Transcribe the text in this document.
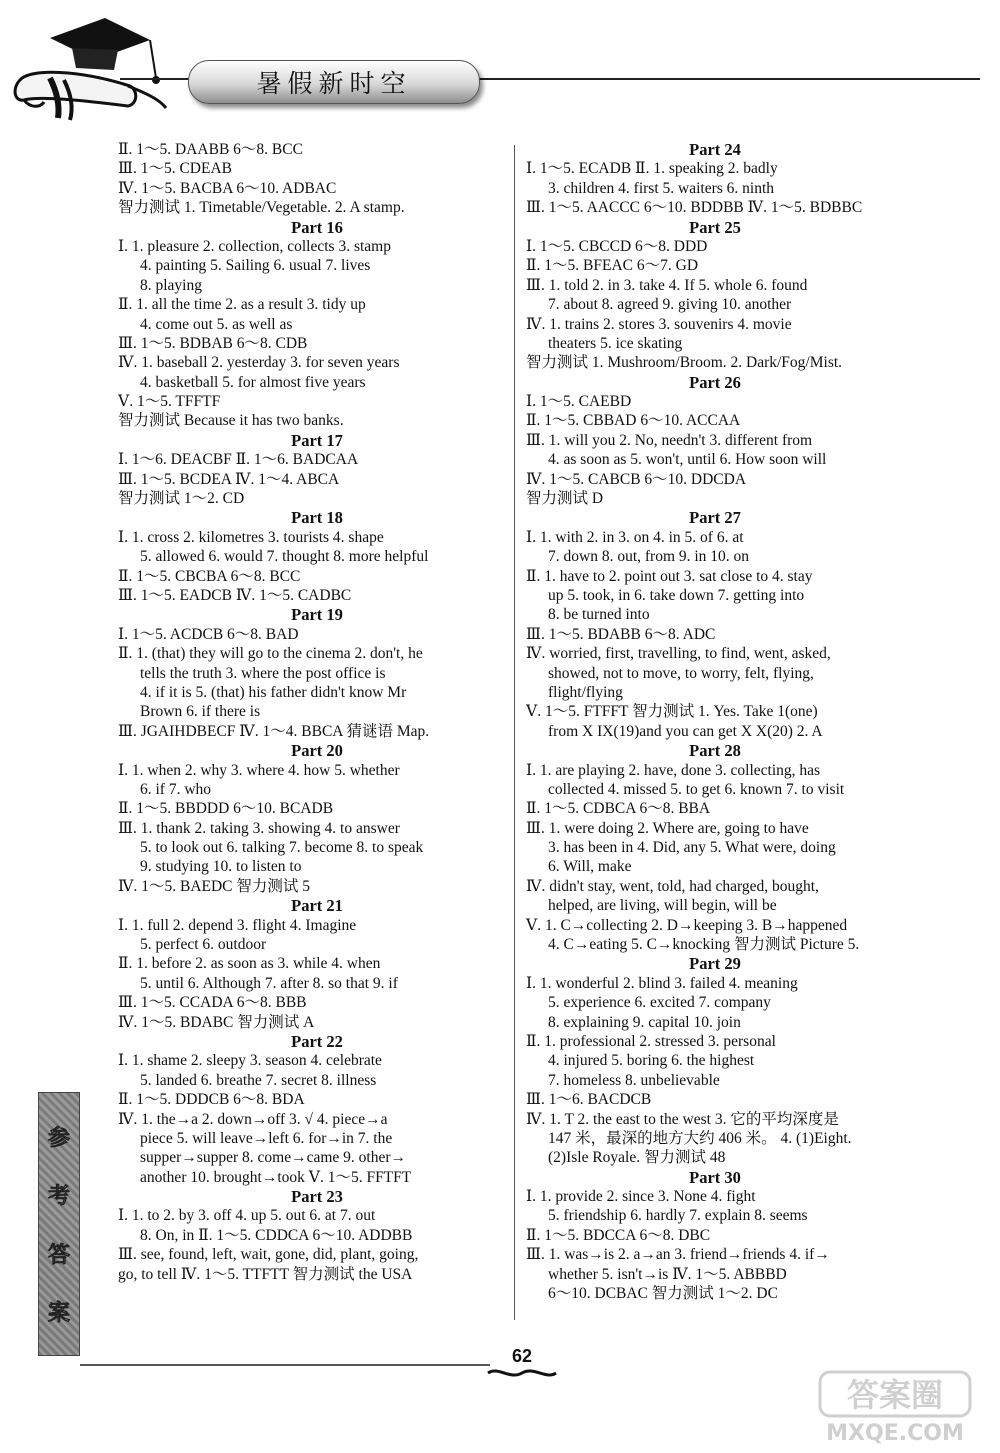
暑假新时空
Ⅱ. 1～5. DAABB 6～8. BCC
Ⅲ. 1～5. CDEAB
Ⅳ. 1～5. BACBA 6～10. ADBAC
智力测试 1. Timetable/Vegetable. 2. A stamp.
Part 16
Ⅰ. 1. pleasure 2. collection, collects 3. stamp
4. painting 5. Sailing 6. usual 7. lives
8. playing
Ⅱ. 1. all the time 2. as a result 3. tidy up
4. come out 5. as well as
Ⅲ. 1～5. BDBAB 6～8. CDB
Ⅳ. 1. baseball 2. yesterday 3. for seven years
4. basketball 5. for almost five years
Ⅴ. 1～5. TFFTF
智力测试 Because it has two banks.
Part 17
Ⅰ. 1～6. DEACBF Ⅱ. 1～6. BADCAA
Ⅲ. 1～5. BCDEA Ⅳ. 1～4. ABCA
智力测试 1～2. CD
Part 18
Ⅰ. 1. cross 2. kilometres 3. tourists 4. shape
5. allowed 6. would 7. thought 8. more helpful
Ⅱ. 1～5. CBCBA 6～8. BCC
Ⅲ. 1～5. EADCB Ⅳ. 1～5. CADBC
Part 19
Ⅰ. 1～5. ACDCB 6～8. BAD
Ⅱ. 1. (that) they will go to the cinema 2. don't, he
tells the truth 3. where the post office is
4. if it is 5. (that) his father didn't know Mr
Brown 6. if there is
Ⅲ. JGAIHDBECF Ⅳ. 1～4. BBCA 猜谜语 Map.
Part 20
Ⅰ. 1. when 2. why 3. where 4. how 5. whether
6. if 7. who
Ⅱ. 1～5. BBDDD 6～10. BCADB
Ⅲ. 1. thank 2. taking 3. showing 4. to answer
5. to look out 6. talking 7. become 8. to speak
9. studying 10. to listen to
Ⅳ. 1～5. BAEDC 智力测试 5
Part 21
Ⅰ. 1. full 2. depend 3. flight 4. Imagine
5. perfect 6. outdoor
Ⅱ. 1. before 2. as soon as 3. while 4. when
5. until 6. Although 7. after 8. so that 9. if
Ⅲ. 1～5. CCADA 6～8. BBB
Ⅳ. 1～5. BDABC 智力测试 A
Part 22
Ⅰ. 1. shame 2. sleepy 3. season 4. celebrate
5. landed 6. breathe 7. secret 8. illness
Ⅱ. 1～5. DDDCB 6～8. BDA
Ⅳ. 1. the→a 2. down→off 3. √ 4. piece→a
piece 5. will leave→left 6. for→in 7. the
supper→supper 8. come→came 9. other→
another 10. brought→took Ⅴ. 1～5. FFTFT
Part 23
Ⅰ. 1. to 2. by 3. off 4. up 5. out 6. at 7. out
8. On, in Ⅱ. 1～5. CDDCA 6～10. ADDBB
Ⅲ. see, found, left, wait, gone, did, plant, going,
go, to tell Ⅳ. 1～5. TTFTT 智力测试 the USA
Part 24
Ⅰ. 1～5. ECADB Ⅱ. 1. speaking 2. badly
3. children 4. first 5. waiters 6. ninth
Ⅲ. 1～5. AACCC 6～10. BDDBB Ⅳ. 1～5. BDBBC
Part 25
Ⅰ. 1～5. CBCCD 6～8. DDD
Ⅱ. 1～5. BFEAC 6～7. GD
Ⅲ. 1. told 2. in 3. take 4. If 5. whole 6. found
7. about 8. agreed 9. giving 10. another
Ⅳ. 1. trains 2. stores 3. souvenirs 4. movie
theaters 5. ice skating
智力测试 1. Mushroom/Broom. 2. Dark/Fog/Mist.
Part 26
Ⅰ. 1～5. CAEBD
Ⅱ. 1～5. CBBAD 6～10. ACCAA
Ⅲ. 1. will you 2. No, needn't 3. different from
4. as soon as 5. won't, until 6. How soon will
Ⅳ. 1～5. CABCB 6～10. DDCDA
智力测试 D
Part 27
Ⅰ. 1. with 2. in 3. on 4. in 5. of 6. at
7. down 8. out, from 9. in 10. on
Ⅱ. 1. have to 2. point out 3. sat close to 4. stay
up 5. took, in 6. take down 7. getting into
8. be turned into
Ⅲ. 1～5. BDABB 6～8. ADC
Ⅳ. worried, first, travelling, to find, went, asked,
showed, not to move, to worry, felt, flying,
flight/flying
Ⅴ. 1～5. FTFFT 智力测试 1. Yes. Take 1(one)
from X IX(19)and you can get X X(20) 2. A
Part 28
Ⅰ. 1. are playing 2. have, done 3. collecting, has
collected 4. missed 5. to get 6. known 7. to visit
Ⅱ. 1～5. CDBCA 6～8. BBA
Ⅲ. 1. were doing 2. Where are, going to have
3. has been in 4. Did, any 5. What were, doing
6. Will, make
Ⅳ. didn't stay, went, told, had charged, bought,
helped, are living, will begin, will be
Ⅴ. 1. C→collecting 2. D→keeping 3. B→happened
4. C→eating 5. C→knocking 智力测试 Picture 5.
Part 29
Ⅰ. 1. wonderful 2. blind 3. failed 4. meaning
5. experience 6. excited 7. company
8. explaining 9. capital 10. join
Ⅱ. 1. professional 2. stressed 3. personal
4. injured 5. boring 6. the highest
7. homeless 8. unbelievable
Ⅲ. 1～6. BACDCB
Ⅳ. 1. T 2. the east to the west 3. 它的平均深度是
147 米，最深的地方大约 406 米。 4. (1)Eight.
(2)Isle Royale. 智力测试 48
Part 30
Ⅰ. 1. provide 2. since 3. None 4. fight
5. friendship 6. hardly 7. explain 8. seems
Ⅱ. 1～5. BDCCA 6～8. DBC
Ⅲ. 1. was→is 2. a→an 3. friend→friends 4. if→
whether 5. isn't→is Ⅳ. 1～5. ABBBD
6～10. DCBAC 智力测试 1～2. DC
参
考
答
案
62
答案圈
MXQE.COM
